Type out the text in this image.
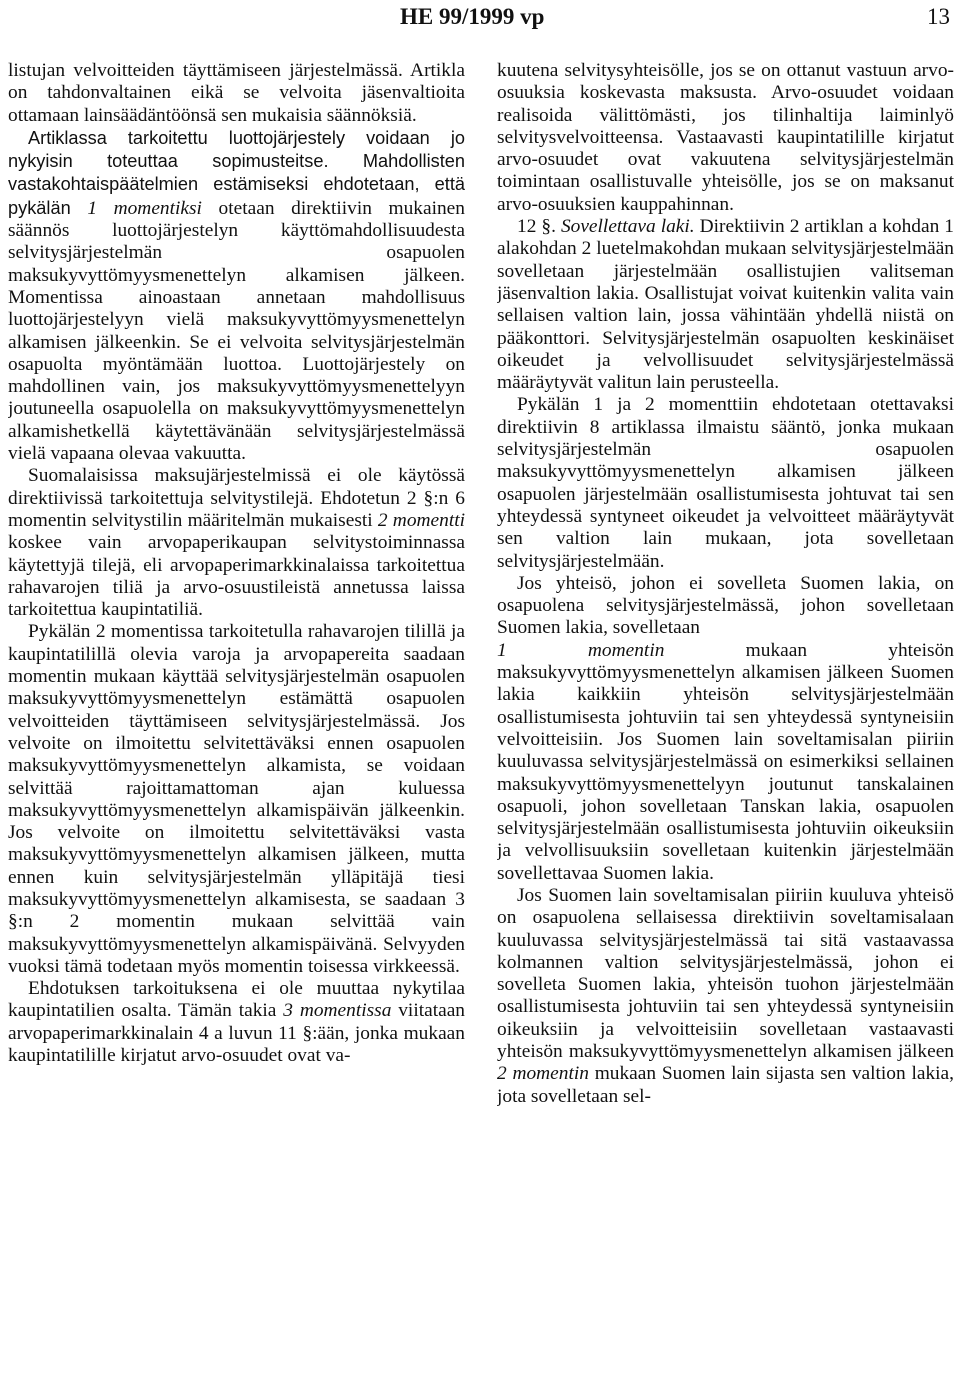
HE 99/1999 vp	13

listujan velvoitteiden täyttämiseen järjestelmässä. Artikla on tahdonvaltainen eikä se velvoita jäsenvaltioita ottamaan lainsäädäntöönsä sen mukaisia säännöksiä.

Artiklassa tarkoitettu luottojärjestely voidaan jo nykyisin toteuttaa sopimusteitse. Mahdollisten vastakohtaispäätelmien estämiseksi ehdotetaan, että pykälän 1 momentiksi otetaan direktiivin mukainen säännös luottojärjestelyn käyttömahdollisuudesta selvitysjärjestelmän osapuolen maksukyvyttömyysmenettelyn alkamisen jälkeen. Momentissa ainoastaan annetaan mahdollisuus luottojärjestelyyn vielä maksukyvyttömyysmenettelyn alkamisen jälkeenkin. Se ei velvoita selvitysjärjestelmän osapuolta myöntämään luottoa. Luottojärjestely on mahdollinen vain, jos maksukyvyttömyysmenettelyyn joutuneella osapuolella on maksukyvyttömyysmenettelyn alkamishetkellä käytettävänään selvitysjärjestelmässä vielä vapaana olevaa vakuutta.

Suomalaisissa maksujärjestelmissä ei ole käytössä direktiivissä tarkoitettuja selvitystilejä. Ehdotetun 2 §:n 6 momentin selvitystilin määritelmän mukaisesti 2 momentti koskee vain arvopaperikaupan selvitystoiminnassa käytettyjä tilejä, eli arvopaperimarkkinalaissa tarkoitettua rahavarojen tiliä ja arvo-osuustileistä annetussa laissa tarkoitettua kaupintatiliä.

Pykälän 2 momentissa tarkoitetulla rahavarojen tilillä ja kaupintatilillä olevia varoja ja arvopapereita saadaan momentin mukaan käyttää selvitysjärjestelmän osapuolen maksukyvyttömyysmenettelyn estämättä osapuolen velvoitteiden täyttämiseen selvitysjärjestelmässä. Jos velvoite on ilmoitettu selvitettäväksi ennen osapuolen maksukyvyttömyysmenettelyn alkamista, se voidaan selvittää rajoittamattoman ajan kuluessa maksukyvyttömyysmenettelyn alkamispäivän jälkeenkin. Jos velvoite on ilmoitettu selvitettäväksi vasta maksukyvyttömyysmenettelyn alkamisen jälkeen, mutta ennen kuin selvitysjärjestelmän ylläpitäjä tiesi maksukyvyttömyysmenettelyn alkamisesta, se saadaan 3 §:n 2 momentin mukaan selvittää vain maksukyvyttömyysmenettelyn alkamispäivänä. Selvyyden vuoksi tämä todetaan myös momentin toisessa virkkeessä.

Ehdotuksen tarkoituksena ei ole muuttaa nykytilaa kaupintatilien osalta. Tämän takia 3 momentissa viitataan arvopaperimarkkinalain 4 a luvun 11 §:ään, jonka mukaan kaupintatilille kirjatut arvo-osuudet ovat va-

kuutena selvitysyhteisölle, jos se on ottanut vastuun arvo-osuuksia koskevasta maksusta. Arvo-osuudet voidaan realisoida välittömästi, jos tilinhaltija laiminlyö selvitysvelvoitteensa. Vastaavasti kaupintatilille kirjatut arvo-osuudet ovat vakuutena selvitysjärjestelmän toimintaan osallistuvalle yhteisölle, jos se on maksanut arvo-osuuksien kauppahinnan.

12 §. Sovellettava laki. Direktiivin 2 artiklan a kohdan 1 alakohdan 2 luetelmakohdan mukaan selvitysjärjestelmään sovelletaan järjestelmään osallistujien valitseman jäsenvaltion lakia. Osallistujat voivat kuitenkin valita vain sellaisen valtion lain, jossa vähintään yhdellä niistä on pääkonttori. Selvitysjärjestelmän osapuolten keskinäiset oikeudet ja velvollisuudet selvitysjärjestelmässä määräytyvät valitun lain perusteella.

Pykälän 1 ja 2 momenttiin ehdotetaan otettavaksi direktiivin 8 artiklassa ilmaistu sääntö, jonka mukaan selvitysjärjestelmän osapuolen maksukyvyttömyysmenettelyn alkamisen jälkeen osapuolen järjestelmään osallistumisesta johtuvat tai sen yhteydessä syntyneet oikeudet ja velvoitteet määräytyvät sen valtion lain mukaan, jota sovelletaan selvitysjärjestelmään.

Jos yhteisö, johon ei sovelleta Suomen lakia, on osapuolena selvitysjärjestelmässä, johon sovelletaan Suomen lakia, sovelletaan
1 momentin mukaan yhteisön maksukyvyttömyysmenettelyn alkamisen jälkeen Suomen lakia kaikkiin yhteisön selvitysjärjestelmään osallistumisesta johtuviin tai sen yhteydessä syntyneisiin velvoitteisiin. Jos Suomen lain soveltamisalan piiriin kuuluvassa selvitysjärjestelmässä on esimerkiksi sellainen maksukyvyttömyysmenettelyyn joutunut tanskalainen osapuoli, johon sovelletaan Tanskan lakia, osapuolen selvitysjärjestelmään osallistumisesta johtuviin oikeuksiin ja velvollisuuksiin sovelletaan kuitenkin järjestelmään sovellettavaa Suomen lakia.

Jos Suomen lain soveltamisalan piiriin kuuluva yhteisö on osapuolena sellaisessa direktiivin soveltamisalaan kuuluvassa selvitysjärjestelmässä tai sitä vastaavassa kolmannen valtion selvitysjärjestelmässä, johon ei sovelleta Suomen lakia, yhteisön tuohon järjestelmään osallistumisesta johtuviin tai sen yhteydessä syntyneisiin oikeuksiin ja velvoitteisiin sovelletaan vastaavasti yhteisön maksukyvyttömyysmenettelyn alkamisen jälkeen 2 momentin mukaan Suomen lain sijasta sen valtion lakia, jota sovelletaan sel-
